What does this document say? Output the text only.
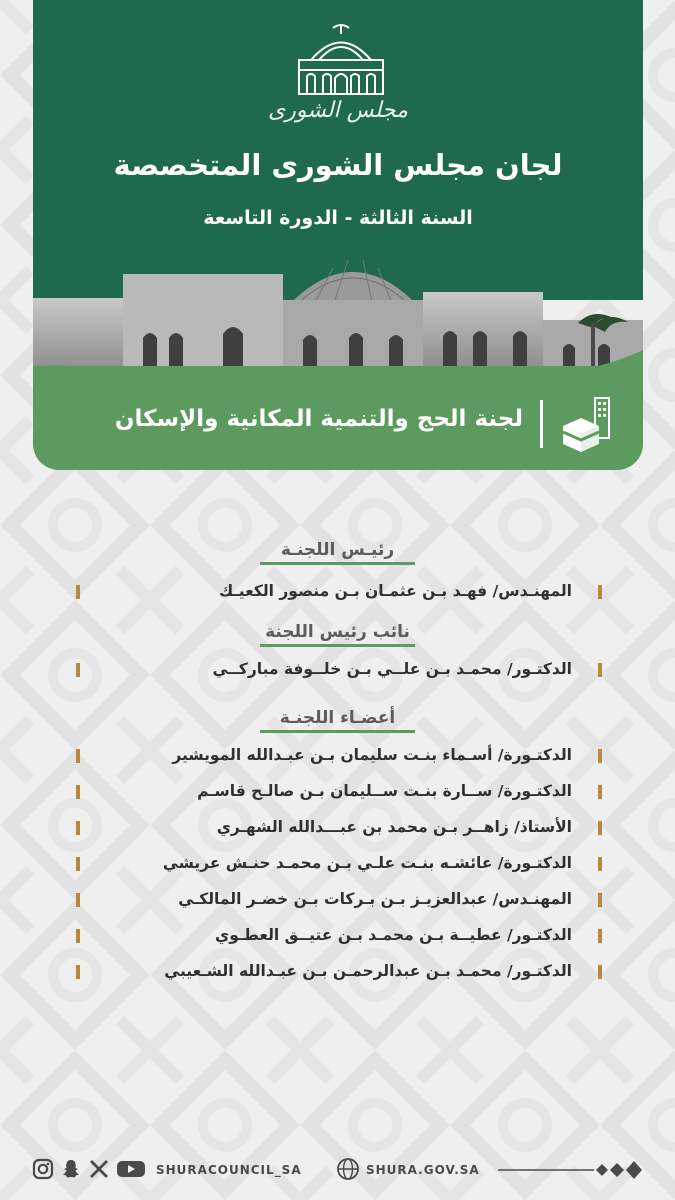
مجلس الشورى
لجان مجلس الشورى المتخصصة
السنة الثالثة - الدورة التاسعة
لجنة الحج والتنمية المكانية والإسكان
رئيـس اللجنـة
المهنـدس/ فهـد بـن عثمـان بـن منصور الكعيـك
نائب رئيس اللجنة
الدكتـور/ محمـد بـن علــي بـن خلــوفة مباركــي
أعضـاء اللجنـة
الدكتـورة/ أسـماء بنـت سليمان بـن عبـدالله المويشير
الدكتـورة/ ســارة بنـت ســليمان بـن صالـح قاسـم
الأستاذ/ زاهــر بـن محمد بن عبـــدالله الشهـري
الدكتـورة/ عائشـه بنـت علـي بـن محمـد حنـش عريشي
المهنـدس/ عبدالعزيـز بـن بـركات بـن خضـر المالكـي
الدكتـور/ عطيــة بـن محمـد بـن عتيــق العطـوي
الدكتـور/ محمـد بـن عبدالرحمـن بـن عبـدالله الشـعيبي
SHURACOUNCIL_SA	SHURA.GOV.SA
